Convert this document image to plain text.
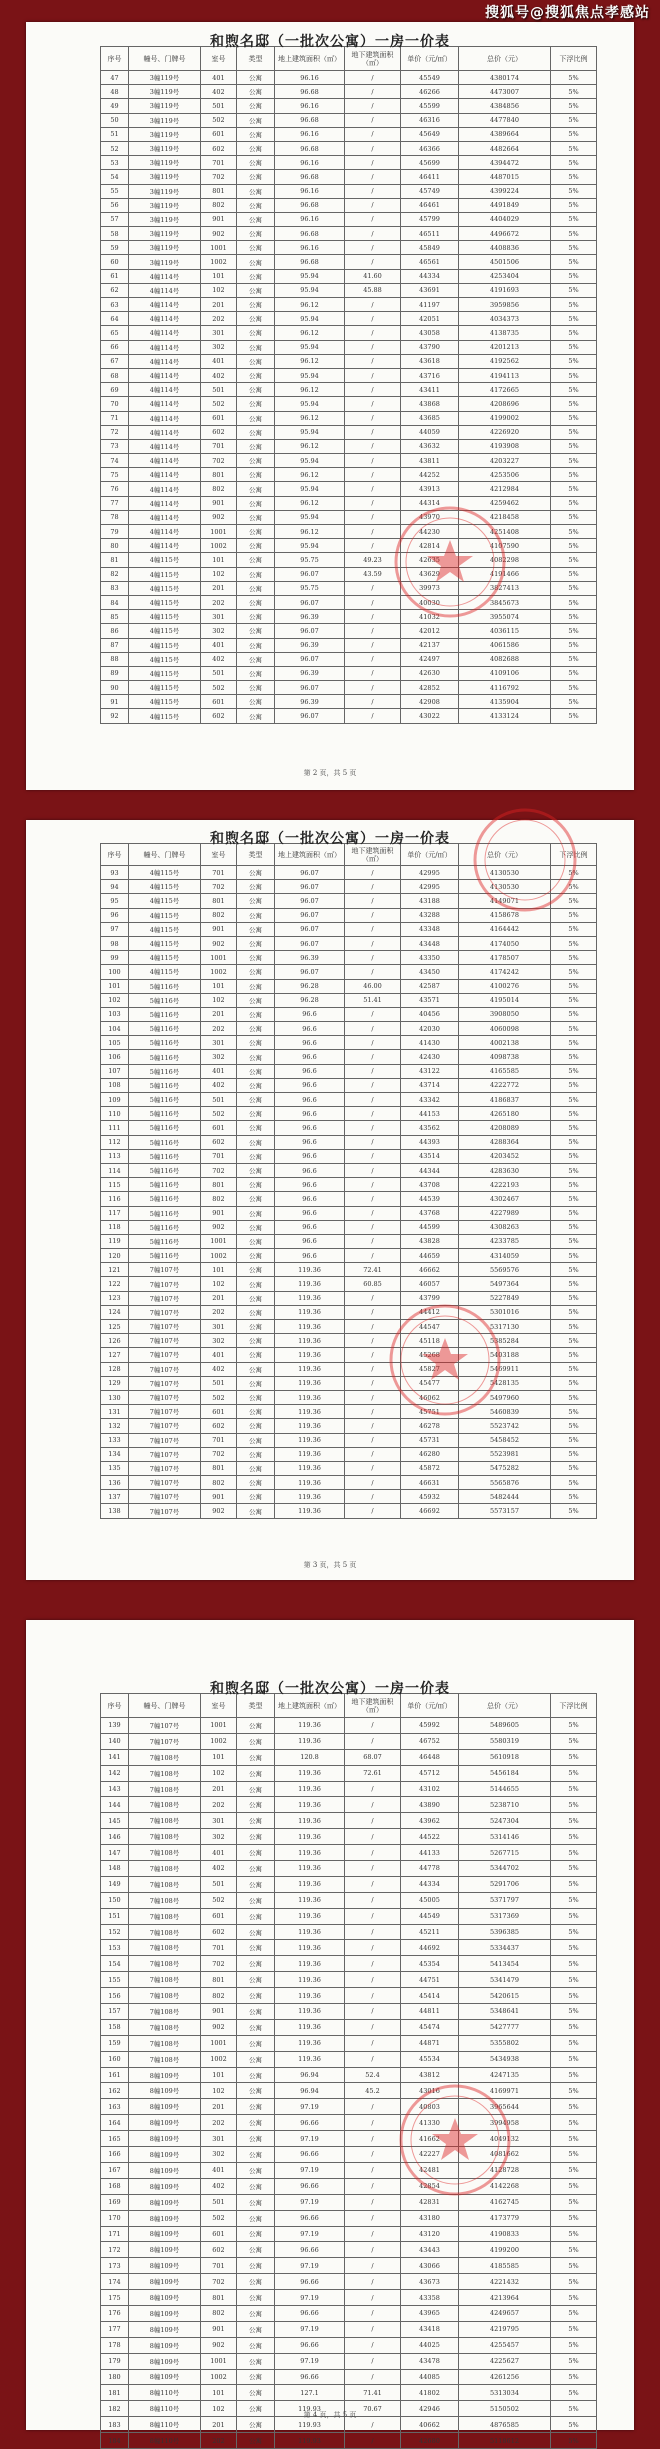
搜狐号@搜狐焦点孝感站
和煦名邸（一批次公寓）一房一价表
序号	幢号、门牌号	室号	类型	地上建筑面积（㎡）	地下建筑面积（㎡）	单价（元/㎡）	总价（元）	下浮比例
47	3幢119号	401	公寓	96.16	/	45549	4380174	5%
48	3幢119号	402	公寓	96.68	/	46266	4473007	5%
49	3幢119号	501	公寓	96.16	/	45599	4384856	5%
50	3幢119号	502	公寓	96.68	/	46316	4477840	5%
51	3幢119号	601	公寓	96.16	/	45649	4389664	5%
52	3幢119号	602	公寓	96.68	/	46366	4482664	5%
53	3幢119号	701	公寓	96.16	/	45699	4394472	5%
54	3幢119号	702	公寓	96.68	/	46411	4487015	5%
55	3幢119号	801	公寓	96.16	/	45749	4399224	5%
56	3幢119号	802	公寓	96.68	/	46461	4491849	5%
57	3幢119号	901	公寓	96.16	/	45799	4404029	5%
58	3幢119号	902	公寓	96.68	/	46511	4496672	5%
59	3幢119号	1001	公寓	96.16	/	45849	4408836	5%
60	3幢119号	1002	公寓	96.68	/	46561	4501506	5%
61	4幢114号	101	公寓	95.94	41.60	44334	4253404	5%
62	4幢114号	102	公寓	95.94	45.88	43691	4191693	5%
63	4幢114号	201	公寓	96.12	/	41197	3959856	5%
64	4幢114号	202	公寓	95.94	/	42051	4034373	5%
65	4幢114号	301	公寓	96.12	/	43058	4138735	5%
66	4幢114号	302	公寓	95.94	/	43790	4201213	5%
67	4幢114号	401	公寓	96.12	/	43618	4192562	5%
68	4幢114号	402	公寓	95.94	/	43716	4194113	5%
69	4幢114号	501	公寓	96.12	/	43411	4172665	5%
70	4幢114号	502	公寓	95.94	/	43868	4208696	5%
71	4幢114号	601	公寓	96.12	/	43685	4199002	5%
72	4幢114号	602	公寓	95.94	/	44059	4226920	5%
73	4幢114号	701	公寓	96.12	/	43632	4193908	5%
74	4幢114号	702	公寓	95.94	/	43811	4203227	5%
75	4幢114号	801	公寓	96.12	/	44252	4253506	5%
76	4幢114号	802	公寓	95.94	/	43913	4212984	5%
77	4幢114号	901	公寓	96.12	/	44314	4259462	5%
78	4幢114号	902	公寓	95.94	/	43970	4218458	5%
79	4幢114号	1001	公寓	96.12	/	44230	4251408	5%
80	4幢114号	1002	公寓	95.94	/	42814	4107590	5%
81	4幢115号	101	公寓	95.75	49.23	42635	4082298	5%
82	4幢115号	102	公寓	96.07	43.59	43629	4191466	5%
83	4幢115号	201	公寓	95.75	/	39973	3827413	5%
84	4幢115号	202	公寓	96.07	/	40030	3845673	5%
85	4幢115号	301	公寓	96.39	/	41032	3955074	5%
86	4幢115号	302	公寓	96.07	/	42012	4036115	5%
87	4幢115号	401	公寓	96.39	/	42137	4061586	5%
88	4幢115号	402	公寓	96.07	/	42497	4082688	5%
89	4幢115号	501	公寓	96.39	/	42630	4109106	5%
90	4幢115号	502	公寓	96.07	/	42852	4116792	5%
91	4幢115号	601	公寓	96.39	/	42908	4135904	5%
92	4幢115号	602	公寓	96.07	/	43022	4133124	5%
第 2 页，共 5 页
和煦名邸（一批次公寓）一房一价表
序号	幢号、门牌号	室号	类型	地上建筑面积（㎡）	地下建筑面积（㎡）	单价（元/㎡）	总价（元）	下浮比例
93	4幢115号	701	公寓	96.07	/	42995	4130530	5%
94	4幢115号	702	公寓	96.07	/	42995	4130530	5%
95	4幢115号	801	公寓	96.07	/	43188	4149071	5%
96	4幢115号	802	公寓	96.07	/	43288	4158678	5%
97	4幢115号	901	公寓	96.07	/	43348	4164442	5%
98	4幢115号	902	公寓	96.07	/	43448	4174050	5%
99	4幢115号	1001	公寓	96.39	/	43350	4178507	5%
100	4幢115号	1002	公寓	96.07	/	43450	4174242	5%
101	5幢116号	101	公寓	96.28	46.00	42587	4100276	5%
102	5幢116号	102	公寓	96.28	51.41	43571	4195014	5%
103	5幢116号	201	公寓	96.6	/	40456	3908050	5%
104	5幢116号	202	公寓	96.6	/	42030	4060098	5%
105	5幢116号	301	公寓	96.6	/	41430	4002138	5%
106	5幢116号	302	公寓	96.6	/	42430	4098738	5%
107	5幢116号	401	公寓	96.6	/	43122	4165585	5%
108	5幢116号	402	公寓	96.6	/	43714	4222772	5%
109	5幢116号	501	公寓	96.6	/	43342	4186837	5%
110	5幢116号	502	公寓	96.6	/	44153	4265180	5%
111	5幢116号	601	公寓	96.6	/	43562	4208089	5%
112	5幢116号	602	公寓	96.6	/	44393	4288364	5%
113	5幢116号	701	公寓	96.6	/	43514	4203452	5%
114	5幢116号	702	公寓	96.6	/	44344	4283630	5%
115	5幢116号	801	公寓	96.6	/	43708	4222193	5%
116	5幢116号	802	公寓	96.6	/	44539	4302467	5%
117	5幢116号	901	公寓	96.6	/	43768	4227989	5%
118	5幢116号	902	公寓	96.6	/	44599	4308263	5%
119	5幢116号	1001	公寓	96.6	/	43828	4233785	5%
120	5幢116号	1002	公寓	96.6	/	44659	4314059	5%
121	7幢107号	101	公寓	119.36	72.41	46662	5569576	5%
122	7幢107号	102	公寓	119.36	60.85	46057	5497364	5%
123	7幢107号	201	公寓	119.36	/	43799	5227849	5%
124	7幢107号	202	公寓	119.36	/	44412	5301016	5%
125	7幢107号	301	公寓	119.36	/	44547	5317130	5%
126	7幢107号	302	公寓	119.36	/	45118	5385284	5%
127	7幢107号	401	公寓	119.36	/	45268	5403188	5%
128	7幢107号	402	公寓	119.36	/	45827	5469911	5%
129	7幢107号	501	公寓	119.36	/	45477	5428135	5%
130	7幢107号	502	公寓	119.36	/	46062	5497960	5%
131	7幢107号	601	公寓	119.36	/	45751	5460839	5%
132	7幢107号	602	公寓	119.36	/	46278	5523742	5%
133	7幢107号	701	公寓	119.36	/	45731	5458452	5%
134	7幢107号	702	公寓	119.36	/	46280	5523981	5%
135	7幢107号	801	公寓	119.36	/	45872	5475282	5%
136	7幢107号	802	公寓	119.36	/	46631	5565876	5%
137	7幢107号	901	公寓	119.36	/	45932	5482444	5%
138	7幢107号	902	公寓	119.36	/	46692	5573157	5%
第 3 页，共 5 页
和煦名邸（一批次公寓）一房一价表
序号	幢号、门牌号	室号	类型	地上建筑面积（㎡）	地下建筑面积（㎡）	单价（元/㎡）	总价（元）	下浮比例
139	7幢107号	1001	公寓	119.36	/	45992	5489605	5%
140	7幢107号	1002	公寓	119.36	/	46752	5580319	5%
141	7幢108号	101	公寓	120.8	68.07	46448	5610918	5%
142	7幢108号	102	公寓	119.36	72.61	45712	5456184	5%
143	7幢108号	201	公寓	119.36	/	43102	5144655	5%
144	7幢108号	202	公寓	119.36	/	43890	5238710	5%
145	7幢108号	301	公寓	119.36	/	43962	5247304	5%
146	7幢108号	302	公寓	119.36	/	44522	5314146	5%
147	7幢108号	401	公寓	119.36	/	44133	5267715	5%
148	7幢108号	402	公寓	119.36	/	44778	5344702	5%
149	7幢108号	501	公寓	119.36	/	44334	5291706	5%
150	7幢108号	502	公寓	119.36	/	45005	5371797	5%
151	7幢108号	601	公寓	119.36	/	44549	5317369	5%
152	7幢108号	602	公寓	119.36	/	45211	5396385	5%
153	7幢108号	701	公寓	119.36	/	44692	5334437	5%
154	7幢108号	702	公寓	119.36	/	45354	5413454	5%
155	7幢108号	801	公寓	119.36	/	44751	5341479	5%
156	7幢108号	802	公寓	119.36	/	45414	5420615	5%
157	7幢108号	901	公寓	119.36	/	44811	5348641	5%
158	7幢108号	902	公寓	119.36	/	45474	5427777	5%
159	7幢108号	1001	公寓	119.36	/	44871	5355802	5%
160	7幢108号	1002	公寓	119.36	/	45534	5434938	5%
161	8幢109号	101	公寓	96.94	52.4	43812	4247135	5%
162	8幢109号	102	公寓	96.94	45.2	43016	4169971	5%
163	8幢109号	201	公寓	97.19	/	40803	3965644	5%
164	8幢109号	202	公寓	96.66	/	41330	3994958	5%
165	8幢109号	301	公寓	97.19	/	41662	4049132	5%
166	8幢109号	302	公寓	96.66	/	42227	4081662	5%
167	8幢109号	401	公寓	97.19	/	42481	4128728	5%
168	8幢109号	402	公寓	96.66	/	42854	4142268	5%
169	8幢109号	501	公寓	97.19	/	42831	4162745	5%
170	8幢109号	502	公寓	96.66	/	43180	4173779	5%
171	8幢109号	601	公寓	97.19	/	43120	4190833	5%
172	8幢109号	602	公寓	96.66	/	43443	4199200	5%
173	8幢109号	701	公寓	97.19	/	43066	4185585	5%
174	8幢109号	702	公寓	96.66	/	43673	4221432	5%
175	8幢109号	801	公寓	97.19	/	43358	4213964	5%
176	8幢109号	802	公寓	96.66	/	43965	4249657	5%
177	8幢109号	901	公寓	97.19	/	43418	4219795	5%
178	8幢109号	902	公寓	96.66	/	44025	4255457	5%
179	8幢109号	1001	公寓	97.19	/	43478	4225627	5%
180	8幢109号	1002	公寓	96.66	/	44085	4261256	5%
181	8幢110号	101	公寓	127.1	71.41	41802	5313034	5%
182	8幢110号	102	公寓	119.93	70.67	42946	5150502	5%
183	8幢110号	201	公寓	119.93	/	40662	4876585	5%
184	8幢110号	202	公寓	119.93	/	42680	5118612	5%
第 4 页，共 5 页
